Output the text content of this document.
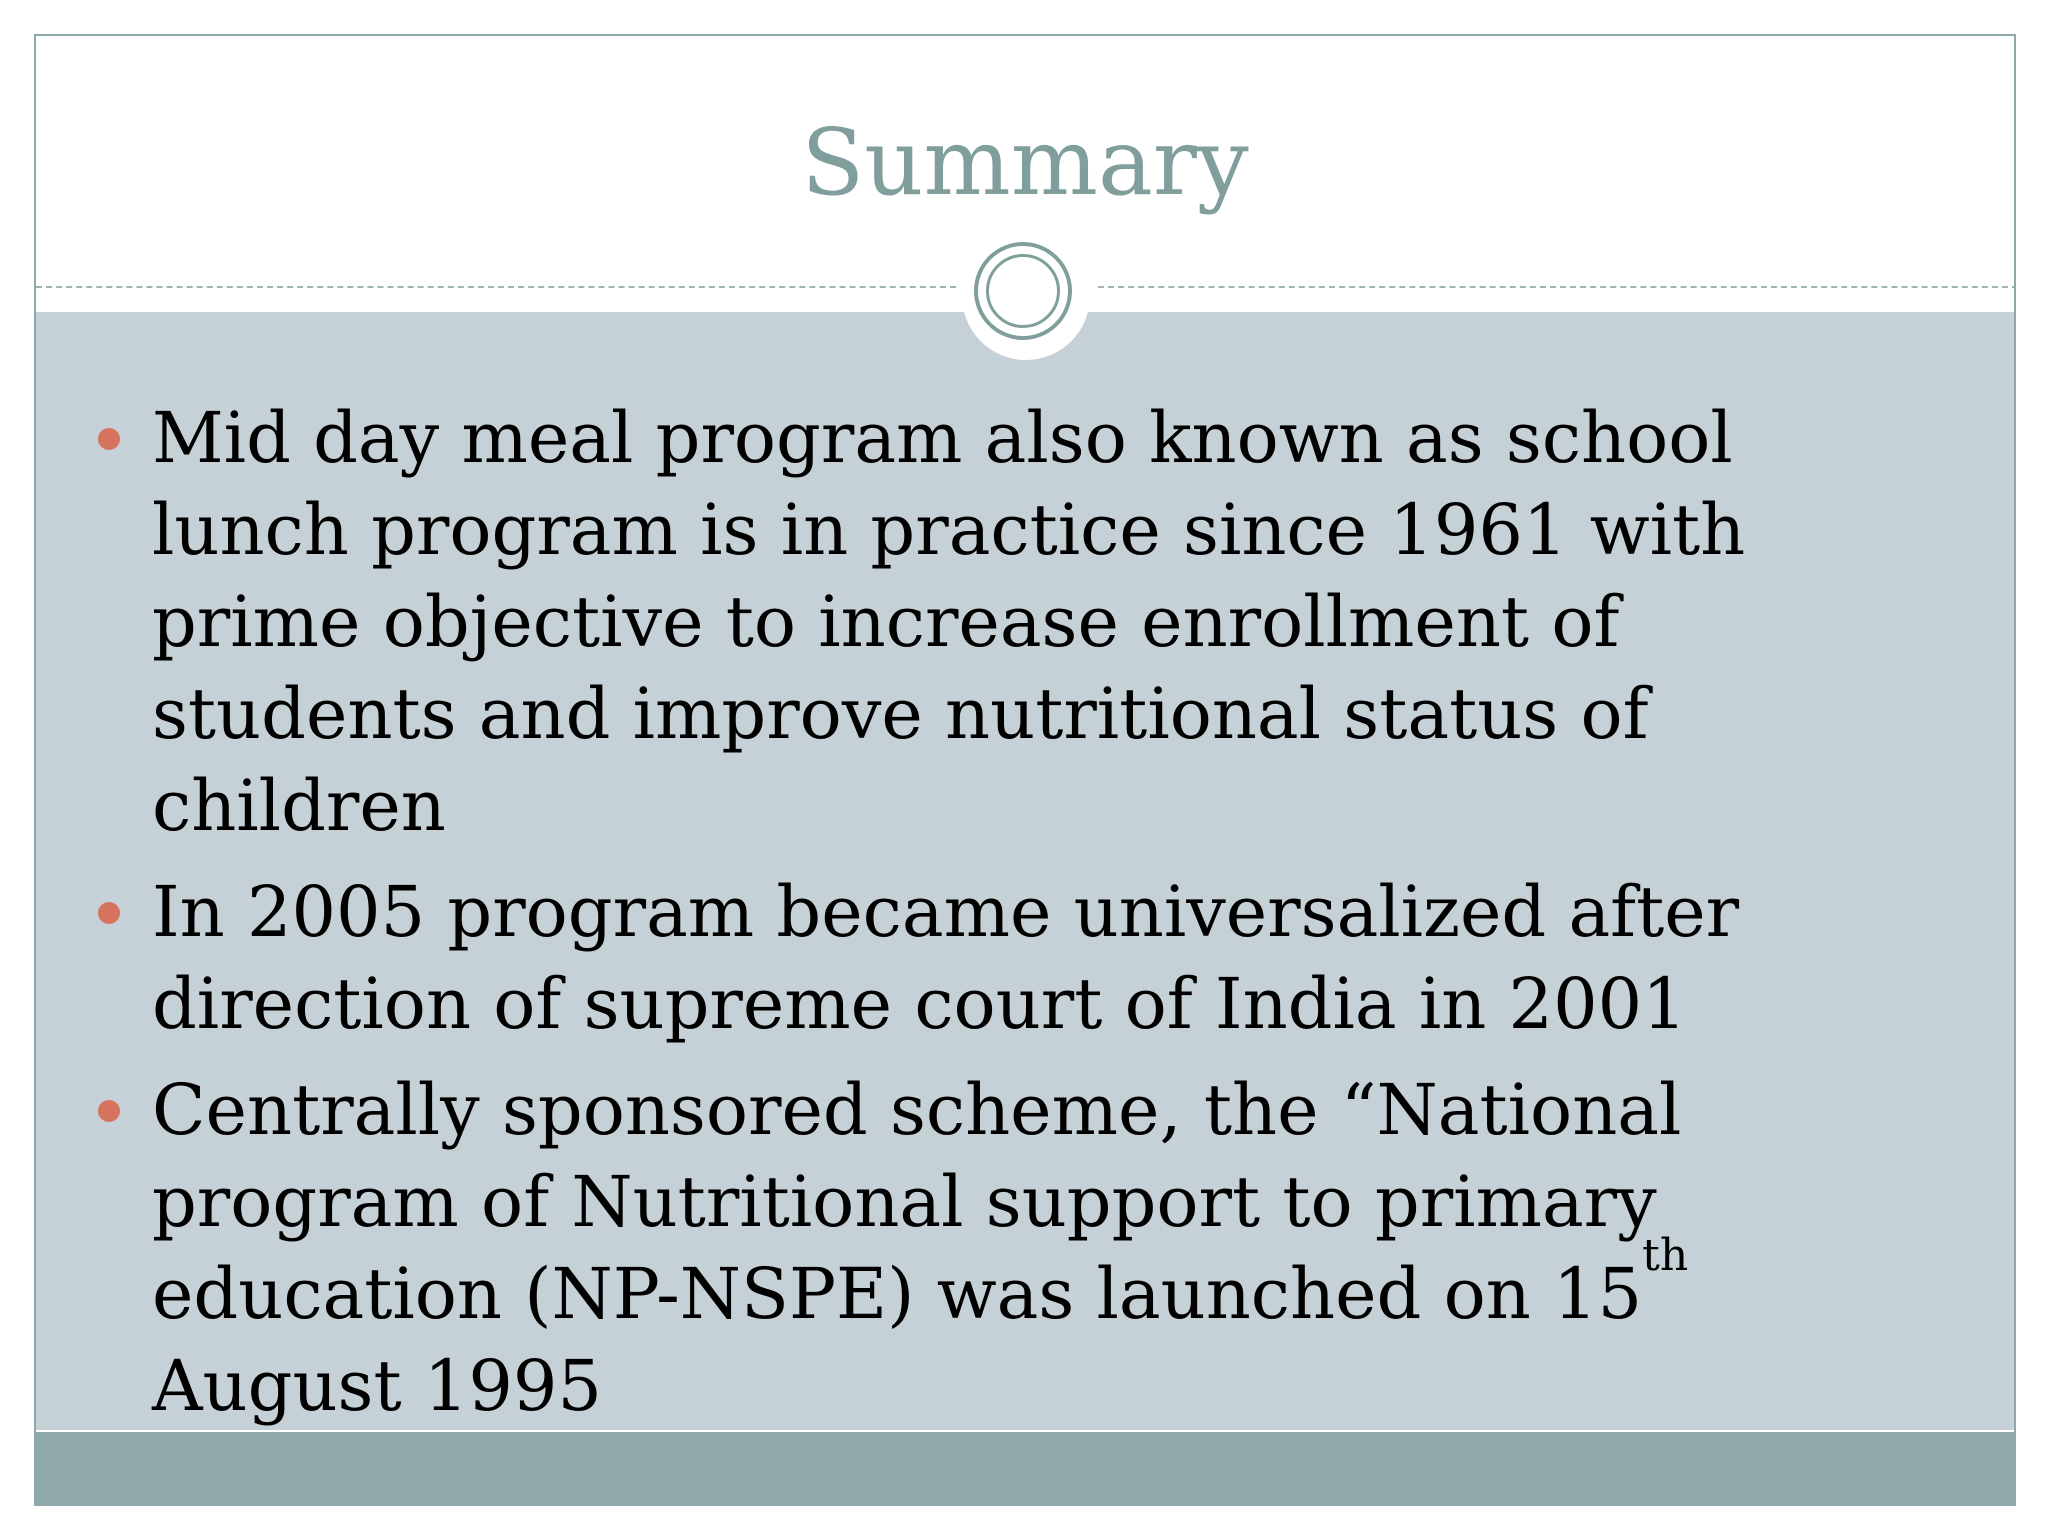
Summary
Mid day meal program also known as school lunch program is in practice since 1961 with prime objective to increase enrollment of students and improve nutritional status of children
In 2005 program became universalized after direction of supreme court of India in 2001
Centrally sponsored scheme, the “National program of Nutritional support to primary education (NP-NSPE) was launched on 15th August 1995
